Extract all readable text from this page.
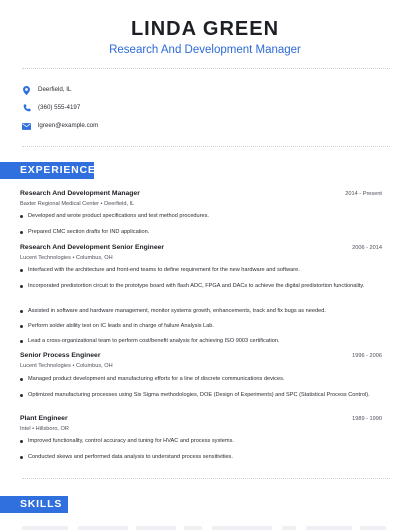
LINDA GREEN
Research And Development Manager
Deerfield, IL
(360) 555-4197
lgreen@example.com
EXPERIENCE
Research And Development Manager	2014 - Present
Baxter Regional Medical Center • Deerfield, IL
Developed and wrote product specifications and test method procedures.
Prepared CMC section drafts for IND application.
Research And Development Senior Engineer	2006 - 2014
Lucent Technologies • Columbus, OH
Interfaced with the architecture and front-end teams to define requirement for the new hardware and software.
Incorporated predistortion circuit to the prototype board with flash ADC, FPGA and DACs to achieve the digital predistortion functionality.
Assisted in software and hardware management, monitor systems growth, enhancements, track and fix bugs as needed.
Perform solder ability test on IC leads and in charge of failure Analysis Lab.
Lead a cross-organizational team to perform cost/benefit analysis for achieving ISO 9003 certification.
Senior Process Engineer	1996 - 2006
Lucent Technologies • Columbus, OH
Managed product development and manufacturing efforts for a line of discrete communications devices.
Optimized manufacturing processes using Six Sigma methodologies, DOE (Design of Experiments) and SPC (Statistical Process Control).
Plant Engineer	1989 - 1990
Intel • Hillsboro, OR
Improved functionality, control accuracy and tuning for HVAC and process systems.
Conducted skews and performed data analysis to understand process sensitivities.
SKILLS
